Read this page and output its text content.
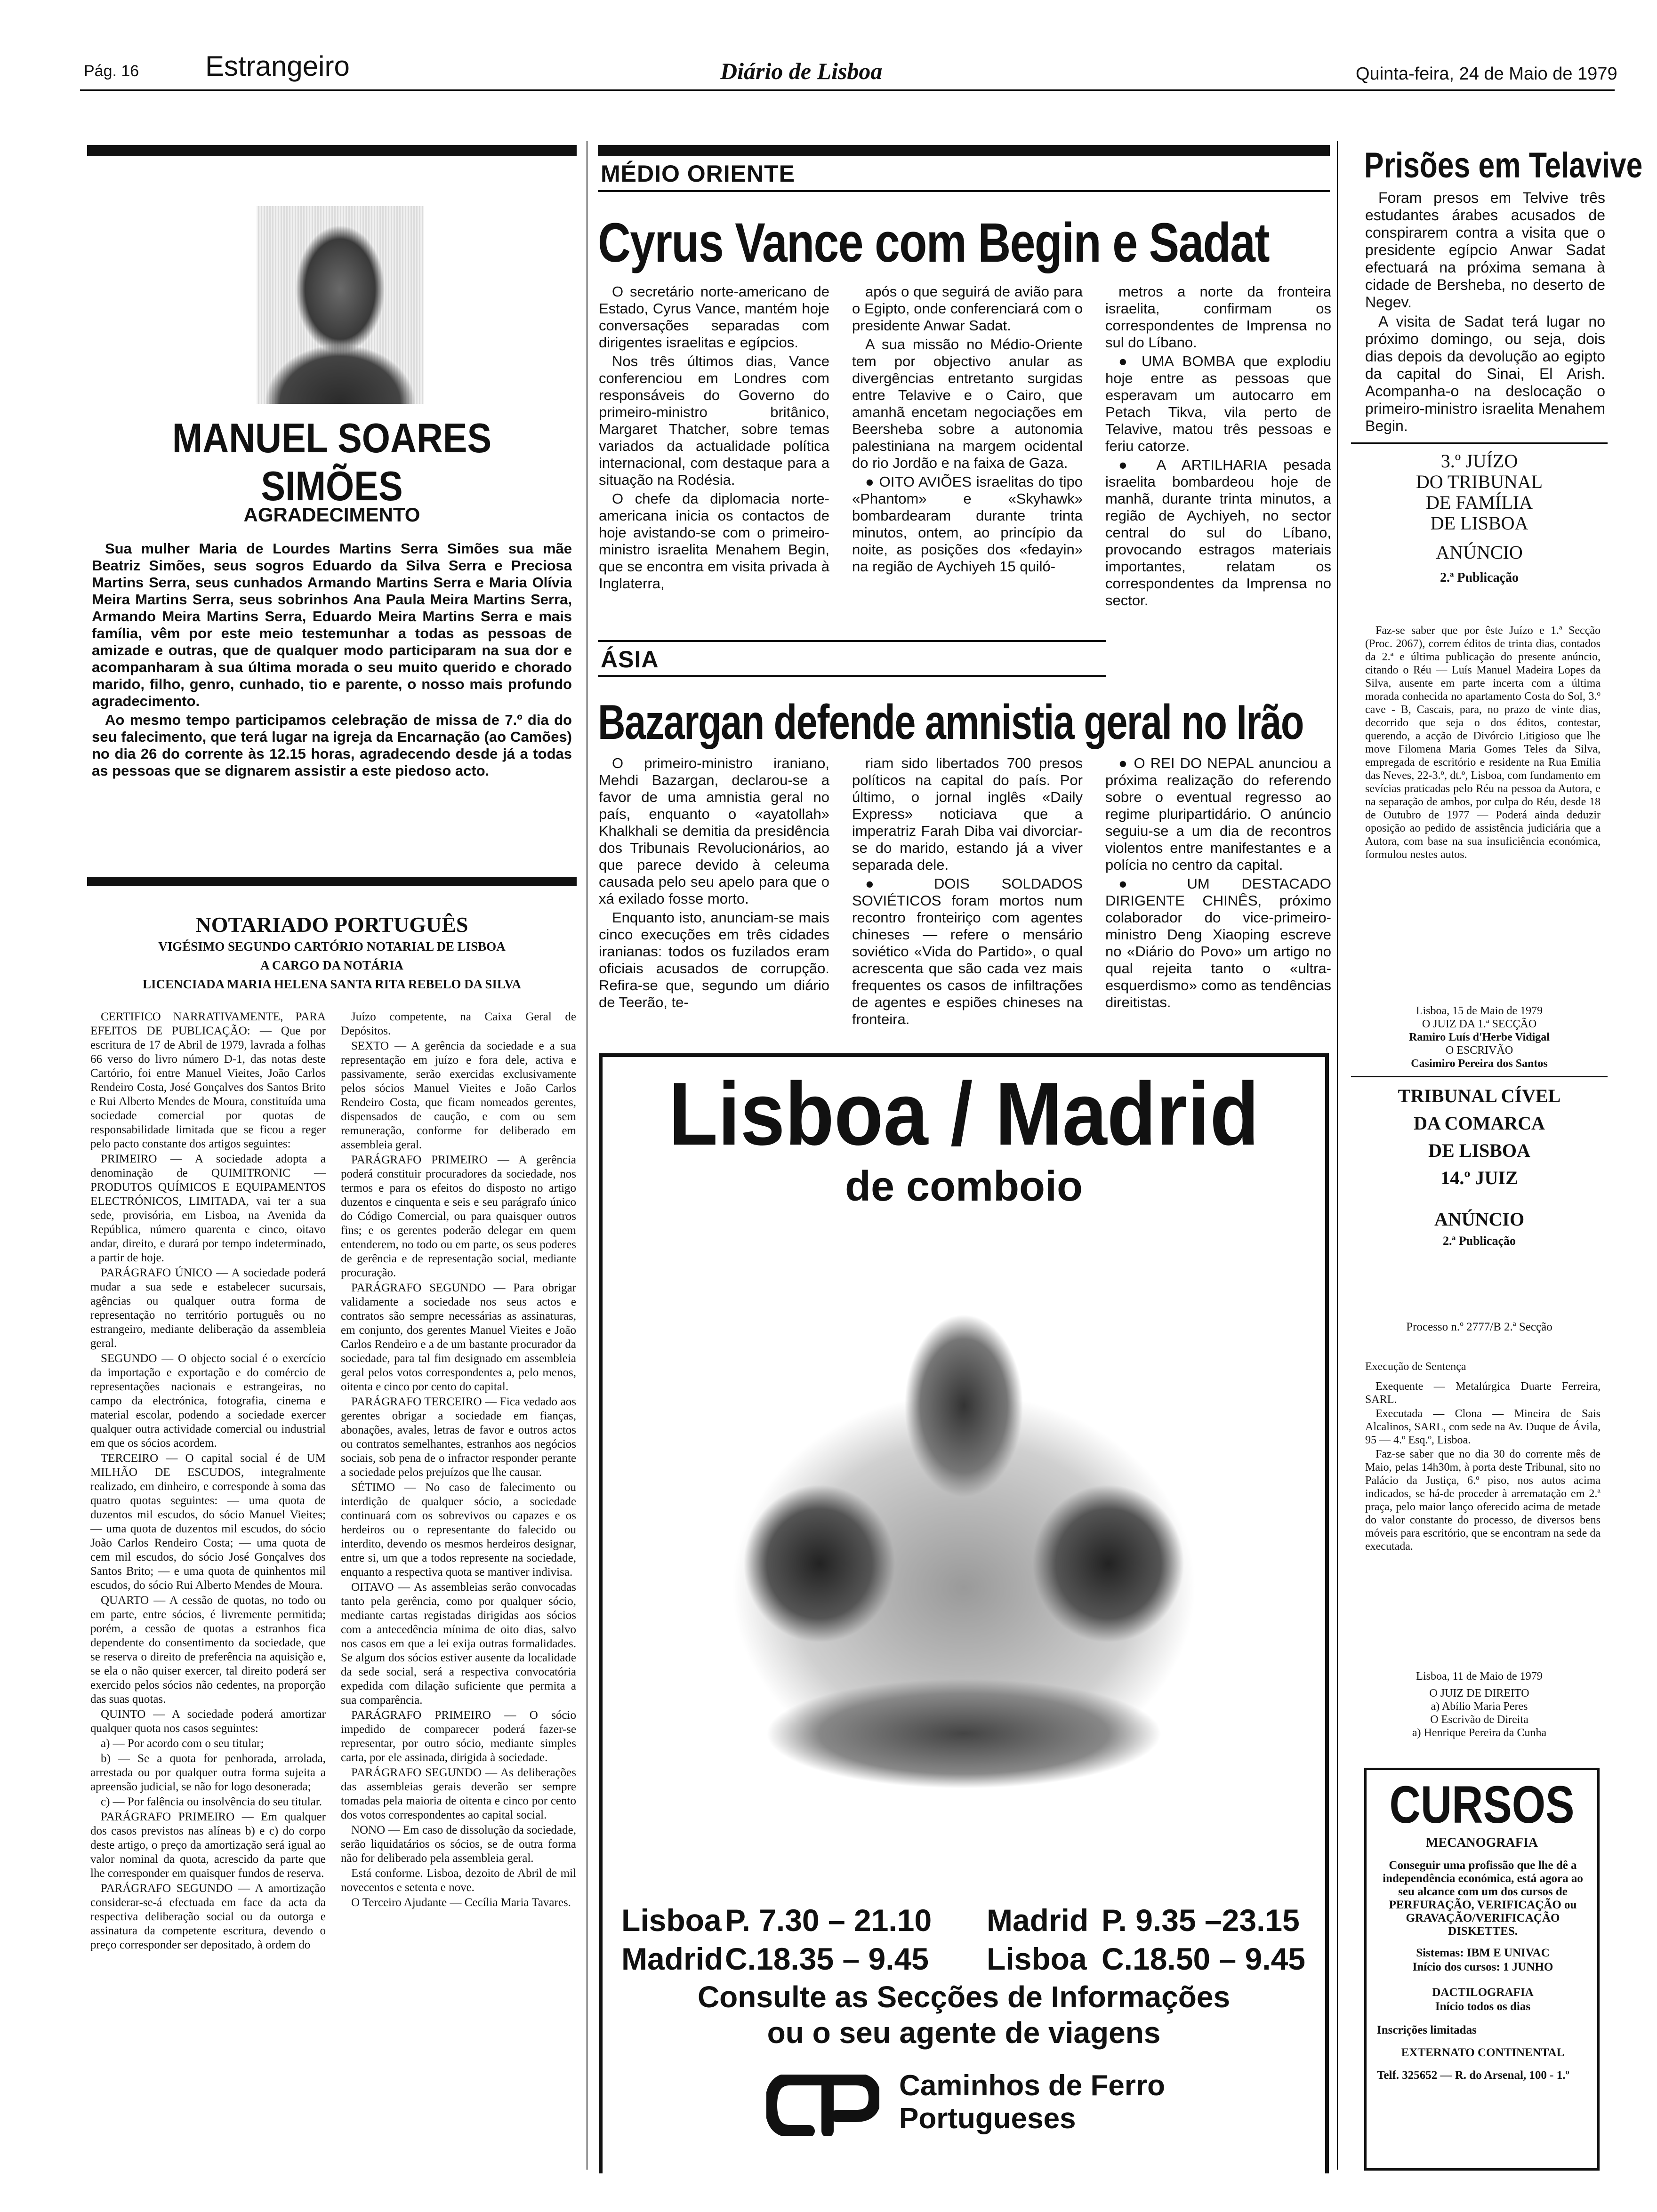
Pág. 16 Estrangeiro	Diário de Lisboa	Quinta-feira, 24 de Maio de 1979
MANUEL SOARES SIMÕES
AGRADECIMENTO

Sua mulher Maria de Lourdes Martins Serra Simões sua mãe Beatriz Simões, seus sogros Eduardo da Silva Serra e Preciosa Martins Serra, seus cunhados Armando Martins Serra e Maria Olívia Meira Martins Serra, seus sobrinhos Ana Paula Meira Martins Serra, Armando Meira Martins Serra, Eduardo Meira Martins Serra e mais família, vêm por este meio testemunhar a todas as pessoas de amizade e outras, que de qualquer modo participaram na sua dor e acompanharam à sua última morada o seu muito querido e chorado marido, filho, genro, cunhado, tio e parente, o nosso mais profundo agradecimento.

Ao mesmo tempo participamos celebração de missa de 7.º dia do seu falecimento, que terá lugar na igreja da Encarnação (ao Camões) no dia 26 do corrente às 12.15 horas, agradecendo desde já a todas as pessoas que se dignarem assistir a este piedoso acto.

NOTARIADO PORTUGUÊS
VIGÉSIMO SEGUNDO CARTÓRIO NOTARIAL DE LISBOA
A CARGO DA NOTÁRIA
LICENCIADA MARIA HELENA SANTA RITA REBELO DA SILVA

CERTIFICO NARRATIVAMENTE, PARA EFEITOS DE PUBLICAÇÃO: — Que por escritura de 17 de Abril de 1979, lavrada a folhas 66 verso do livro número D-1, das notas deste Cartório, foi entre Manuel Vieites, João Carlos Rendeiro Costa, José Gonçalves dos Santos Brito e Rui Alberto Mendes de Moura, constituída uma sociedade comercial por quotas de responsabilidade limitada que se ficou a reger pelo pacto constante dos artigos seguintes:

PRIMEIRO — A sociedade adopta a denominação de QUIMITRONIC — PRODUTOS QUÍMICOS E EQUIPAMENTOS ELECTRÓNICOS, LIMITADA, vai ter a sua sede, provisória, em Lisboa, na Avenida da República, número quarenta e cinco, oitavo andar, direito, e durará por tempo indeterminado, a partir de hoje.

PARÁGRAFO ÚNICO — A sociedade poderá mudar a sua sede e estabelecer sucursais, agências ou qualquer outra forma de representação no território português ou no estrangeiro, mediante deliberação da assembleia geral.

SEGUNDO — O objecto social é o exercício da importação e exportação e do comércio de representações nacionais e estrangeiras, no campo da electrónica, fotografia, cinema e material escolar, podendo a sociedade exercer qualquer outra actividade comercial ou industrial em que os sócios acordem.

TERCEIRO — O capital social é de UM MILHÃO DE ESCUDOS, integralmente realizado, em dinheiro, e corresponde à soma das quatro quotas seguintes: — uma quota de duzentos mil escudos, do sócio Manuel Vieites; — uma quota de duzentos mil escudos, do sócio João Carlos Rendeiro Costa; — uma quota de cem mil escudos, do sócio José Gonçalves dos Santos Brito; — e uma quota de quinhentos mil escudos, do sócio Rui Alberto Mendes de Moura.

QUARTO — A cessão de quotas, no todo ou em parte, entre sócios, é livremente permitida; porém, a cessão de quotas a estranhos fica dependente do consentimento da sociedade, que se reserva o direito de preferência na aquisição e, se ela o não quiser exercer, tal direito poderá ser exercido pelos sócios não cedentes, na proporção das suas quotas.

QUINTO — A sociedade poderá amortizar qualquer quota nos casos seguintes:

a) — Por acordo com o seu titular;

b) — Se a quota for penhorada, arrolada, arrestada ou por qualquer outra forma sujeita a apreensão judicial, se não for logo desonerada;

c) — Por falência ou insolvência do seu titular.

PARÁGRAFO PRIMEIRO — Em qualquer dos casos previstos nas alíneas b) e c) do corpo deste artigo, o preço da amortização será igual ao valor nominal da quota, acrescido da parte que lhe corresponder em quaisquer fundos de reserva.

PARÁGRAFO SEGUNDO — A amortização considerar-se-á efectuada em face da acta da respectiva deliberação social ou da outorga e assinatura da competente escritura, devendo o preço corresponder ser depositado, à ordem do

Juízo competente, na Caixa Geral de Depósitos.

SEXTO — A gerência da sociedade e a sua representação em juízo e fora dele, activa e passivamente, serão exercidas exclusivamente pelos sócios Manuel Vieites e João Carlos Rendeiro Costa, que ficam nomeados gerentes, dispensados de caução, e com ou sem remuneração, conforme for deliberado em assembleia geral.

PARÁGRAFO PRIMEIRO — A gerência poderá constituir procuradores da sociedade, nos termos e para os efeitos do disposto no artigo duzentos e cinquenta e seis e seu parágrafo único do Código Comercial, ou para quaisquer outros fins; e os gerentes poderão delegar em quem entenderem, no todo ou em parte, os seus poderes de gerência e de representação social, mediante procuração.

PARÁGRAFO SEGUNDO — Para obrigar validamente a sociedade nos seus actos e contratos são sempre necessárias as assinaturas, em conjunto, dos gerentes Manuel Vieites e João Carlos Rendeiro e a de um bastante procurador da sociedade, para tal fim designado em assembleia geral pelos votos correspondentes a, pelo menos, oitenta e cinco por cento do capital.

PARÁGRAFO TERCEIRO — Fica vedado aos gerentes obrigar a sociedade em fianças, abonações, avales, letras de favor e outros actos ou contratos semelhantes, estranhos aos negócios sociais, sob pena de o infractor responder perante a sociedade pelos prejuízos que lhe causar.

SÉTIMO — No caso de falecimento ou interdição de qualquer sócio, a sociedade continuará com os sobrevivos ou capazes e os herdeiros ou o representante do falecido ou interdito, devendo os mesmos herdeiros designar, entre si, um que a todos represente na sociedade, enquanto a respectiva quota se mantiver indivisa.

OITAVO — As assembleias serão convocadas tanto pela gerência, como por qualquer sócio, mediante cartas registadas dirigidas aos sócios com a antecedência mínima de oito dias, salvo nos casos em que a lei exija outras formalidades. Se algum dos sócios estiver ausente da localidade da sede social, será a respectiva convocatória expedida com dilação suficiente que permita a sua comparência.

PARÁGRAFO PRIMEIRO — O sócio impedido de comparecer poderá fazer-se representar, por outro sócio, mediante simples carta, por ele assinada, dirigida à sociedade.

PARÁGRAFO SEGUNDO — As deliberações das assembleias gerais deverão ser sempre tomadas pela maioria de oitenta e cinco por cento dos votos correspondentes ao capital social.

NONO — Em caso de dissolução da sociedade, serão liquidatários os sócios, se de outra forma não for deliberado pela assembleia geral.

Está conforme. Lisboa, dezoito de Abril de mil novecentos e setenta e nove.

O Terceiro Ajudante — Cecília Maria Tavares.

MÉDIO ORIENTE
Cyrus Vance com Begin e Sadat

O secretário norte-americano de Estado, Cyrus Vance, mantém hoje conversações separadas com dirigentes israelitas e egípcios.

Nos três últimos dias, Vance conferenciou em Londres com responsáveis do Governo do primeiro-ministro britânico, Margaret Thatcher, sobre temas variados da actualidade política internacional, com destaque para a situação na Rodésia.

O chefe da diplomacia norte-americana inicia os contactos de hoje avistando-se com o primeiro-ministro israelita Menahem Begin, que se encontra em visita privada à Inglaterra,

após o que seguirá de avião para o Egipto, onde conferenciará com o presidente Anwar Sadat.

A sua missão no Médio-Oriente tem por objectivo anular as divergências entretanto surgidas entre Telavive e o Cairo, que amanhã encetam negociações em Beersheba sobre a autonomia palestiniana na margem ocidental do rio Jordão e na faixa de Gaza.

● OITO AVIÕES israelitas do tipo «Phantom» e «Skyhawk» bombardearam durante trinta minutos, ontem, ao princípio da noite, as posições dos «fedayin» na região de Aychiyeh 15 quiló-

metros a norte da fronteira israelita, confirmam os correspondentes de Imprensa no sul do Líbano.

● UMA BOMBA que explodiu hoje entre as pessoas que esperavam um autocarro em Petach Tikva, vila perto de Telavive, matou três pessoas e feriu catorze.

● A ARTILHARIA pesada israelita bombardeou hoje de manhã, durante trinta minutos, a região de Aychiyeh, no sector central do sul do Líbano, provocando estragos materiais importantes, relatam os correspondentes da Imprensa no sector.

ÁSIA
Bazargan defende amnistia geral no Irão

O primeiro-ministro iraniano, Mehdi Bazargan, declarou-se a favor de uma amnistia geral no país, enquanto o «ayatollah» Khalkhali se demitia da presidência dos Tribunais Revolucionários, ao que parece devido à celeuma causada pelo seu apelo para que o xá exilado fosse morto.

Enquanto isto, anunciam-se mais cinco execuções em três cidades iranianas: todos os fuzilados eram oficiais acusados de corrupção. Refira-se que, segundo um diário de Teerão, te-

riam sido libertados 700 presos políticos na capital do país. Por último, o jornal inglês «Daily Express» noticiava que a imperatriz Farah Diba vai divorciar-se do marido, estando já a viver separada dele.

● DOIS SOLDADOS SOVIÉTICOS foram mortos num recontro fronteiriço com agentes chineses — refere o mensário soviético «Vida do Partido», o qual acrescenta que são cada vez mais frequentes os casos de infiltrações de agentes e espiões chineses na fronteira.

● O REI DO NEPAL anunciou a próxima realização do referendo sobre o eventual regresso ao regime pluripartidário. O anúncio seguiu-se a um dia de recontros violentos entre manifestantes e a polícia no centro da capital.

● UM DESTACADO DIRIGENTE CHINÊS, próximo colaborador do vice-primeiro-ministro Deng Xiaoping escreve no «Diário do Povo» um artigo no qual rejeita tanto o «ultra-esquerdismo» como as tendências direitistas.

Lisboa / Madrid
de comboio
Lisboa P. 7.30 – 21.10 Madrid P. 9.35 –23.15
Madrid C.18.35 – 9.45 Lisboa C.18.50 – 9.45
Consulte as Secções de Informações
ou o seu agente de viagens
Caminhos de Ferro
Portugueses
Prisões em Telavive

Foram presos em Telvive três estudantes árabes acusados de conspirarem contra a visita que o presidente egípcio Anwar Sadat efectuará na próxima semana à cidade de Bersheba, no deserto de Negev.

A visita de Sadat terá lugar no próximo domingo, ou seja, dois dias depois da devolução ao egipto da capital do Sinai, El Arish. Acompanha-o na deslocação o primeiro-ministro israelita Menahem Begin.

3.º JUÍZO
DO TRIBUNAL
DE FAMÍLIA
DE LISBOA
ANÚNCIO
2.ª Publicação

Faz-se saber que por êste Juízo e 1.ª Secção (Proc. 2067), correm éditos de trinta dias, contados da 2.ª e última publicação do presente anúncio, citando o Réu — Luís Manuel Madeira Lopes da Silva, ausente em parte incerta com a última morada conhecida no apartamento Costa do Sol, 3.º cave - B, Cascais, para, no prazo de vinte dias, decorrido que seja o dos éditos, contestar, querendo, a acção de Divórcio Litigioso que lhe move Filomena Maria Gomes Teles da Silva, empregada de escritório e residente na Rua Emília das Neves, 22-3.º, dt.º, Lisboa, com fundamento em sevícias praticadas pelo Réu na pessoa da Autora, e na separação de ambos, por culpa do Réu, desde 18 de Outubro de 1977 — Poderá ainda deduzir oposição ao pedido de assistência judiciária que a Autora, com base na sua insuficiência económica, formulou nestes autos.

Lisboa, 15 de Maio de 1979
O JUIZ DA 1.ª SECÇÃO
Ramiro Luís d'Herbe Vidigal
O ESCRIVÃO
Casimiro Pereira dos Santos
TRIBUNAL CÍVEL
DA COMARCA
DE LISBOA
14.º JUIZ
ANÚNCIO
2.ª Publicação
Processo n.º 2777/B 2.ª Secção

Execução de Sentença

Exequente — Metalúrgica Duarte Ferreira, SARL.

Executada — Clona — Mineira de Sais Alcalinos, SARL, com sede na Av. Duque de Ávila, 95 — 4.º Esq.º, Lisboa.

Faz-se saber que no dia 30 do corrente mês de Maio, pelas 14h30m, à porta deste Tribunal, sito no Palácio da Justiça, 6.º piso, nos autos acima indicados, se há-de proceder à arrematação em 2.ª praça, pelo maior lanço oferecido acima de metade do valor constante do processo, de diversos bens móveis para escritório, que se encontram na sede da executada.

Lisboa, 11 de Maio de 1979
O JUIZ DE DIREITO
a) Abílio Maria Peres
O Escrivão de Direita
a) Henrique Pereira da Cunha
CURSOS
MECANOGRAFIA

Conseguir uma profissão que lhe dê a independência económica, está agora ao seu alcance com um dos cursos de PERFURAÇÃO, VERIFICAÇÃO ou GRAVAÇÃO/VERIFICAÇÃO DISKETTES.

Sistemas: IBM E UNIVAC

Início dos cursos: 1 JUNHO

DACTILOGRAFIA

Início todos os dias

Inscrições limitadas

EXTERNATO CONTINENTAL

Telf. 325652 — R. do Arsenal, 100 - 1.º
